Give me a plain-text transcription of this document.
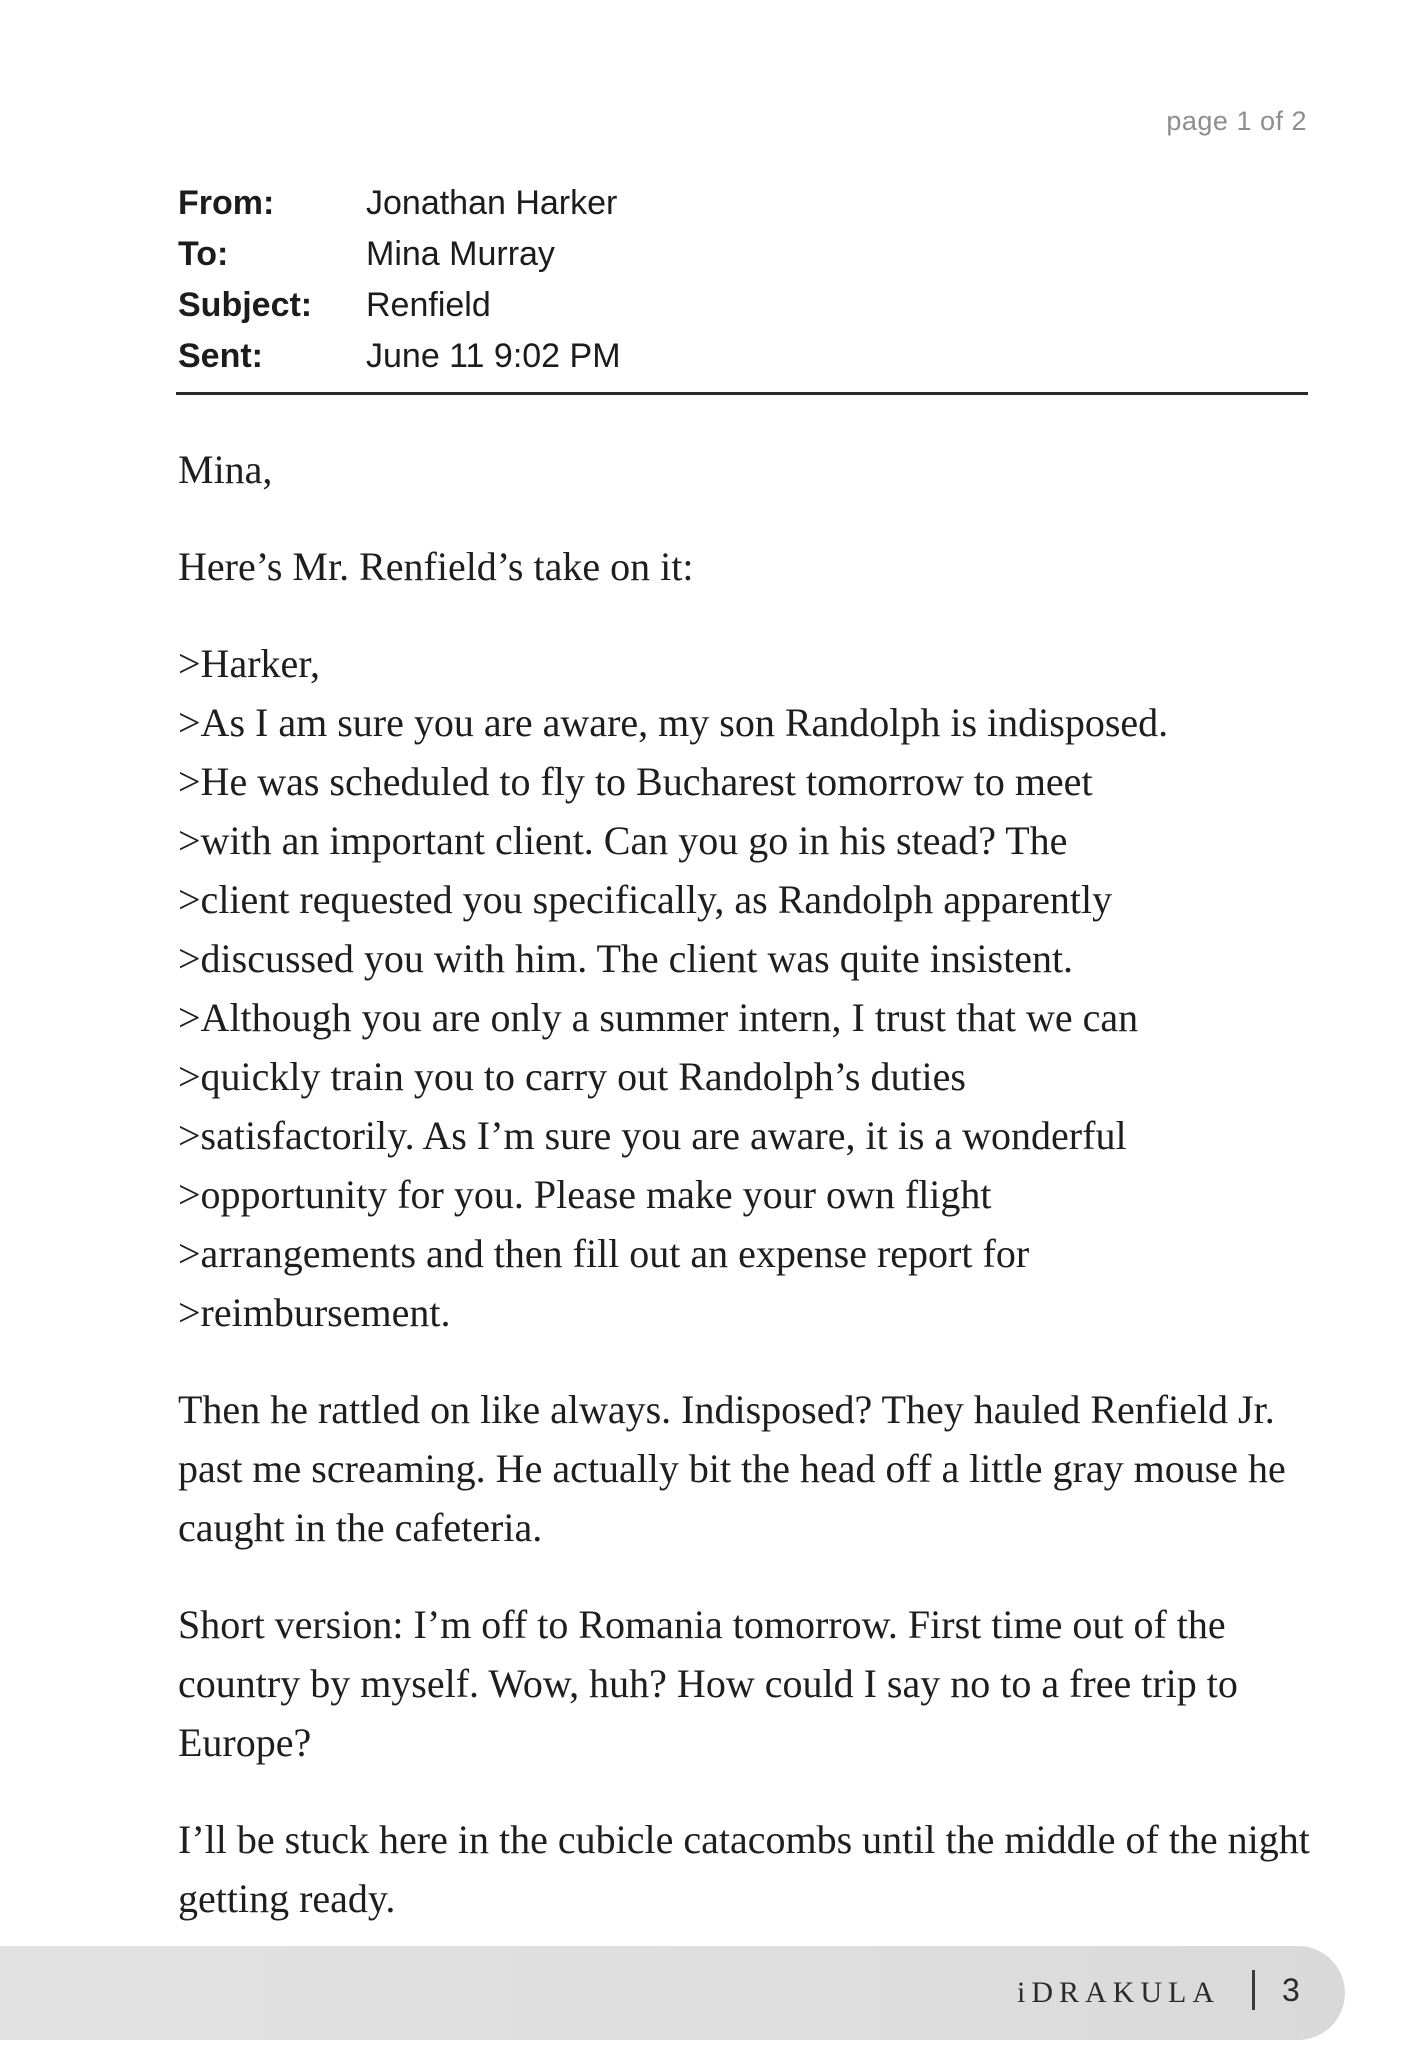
page 1 of 2
From:	Jonathan Harker
To:	Mina Murray
Subject:	Renfield
Sent:	June 11 9:02 PM

Mina,

Here’s Mr. Renfield’s take on it:

>Harker,
>As I am sure you are aware, my son Randolph is indisposed.
>He was scheduled to fly to Bucharest tomorrow to meet
>with an important client. Can you go in his stead? The
>client requested you specifically, as Randolph apparently
>discussed you with him. The client was quite insistent.
>Although you are only a summer intern, I trust that we can
>quickly train you to carry out Randolph’s duties
>satisfactorily. As I’m sure you are aware, it is a wonderful
>opportunity for you. Please make your own flight
>arrangements and then fill out an expense report for
>reimbursement.

Then he rattled on like always. Indisposed? They hauled Renfield Jr. past me screaming. He actually bit the head off a little gray mouse he caught in the cafeteria.

Short version: I’m off to Romania tomorrow. First time out of the country by myself. Wow, huh? How could I say no to a free trip to Europe?

I’ll be stuck here in the cubicle catacombs until the middle of the night getting ready.

iDRAKULA 3
